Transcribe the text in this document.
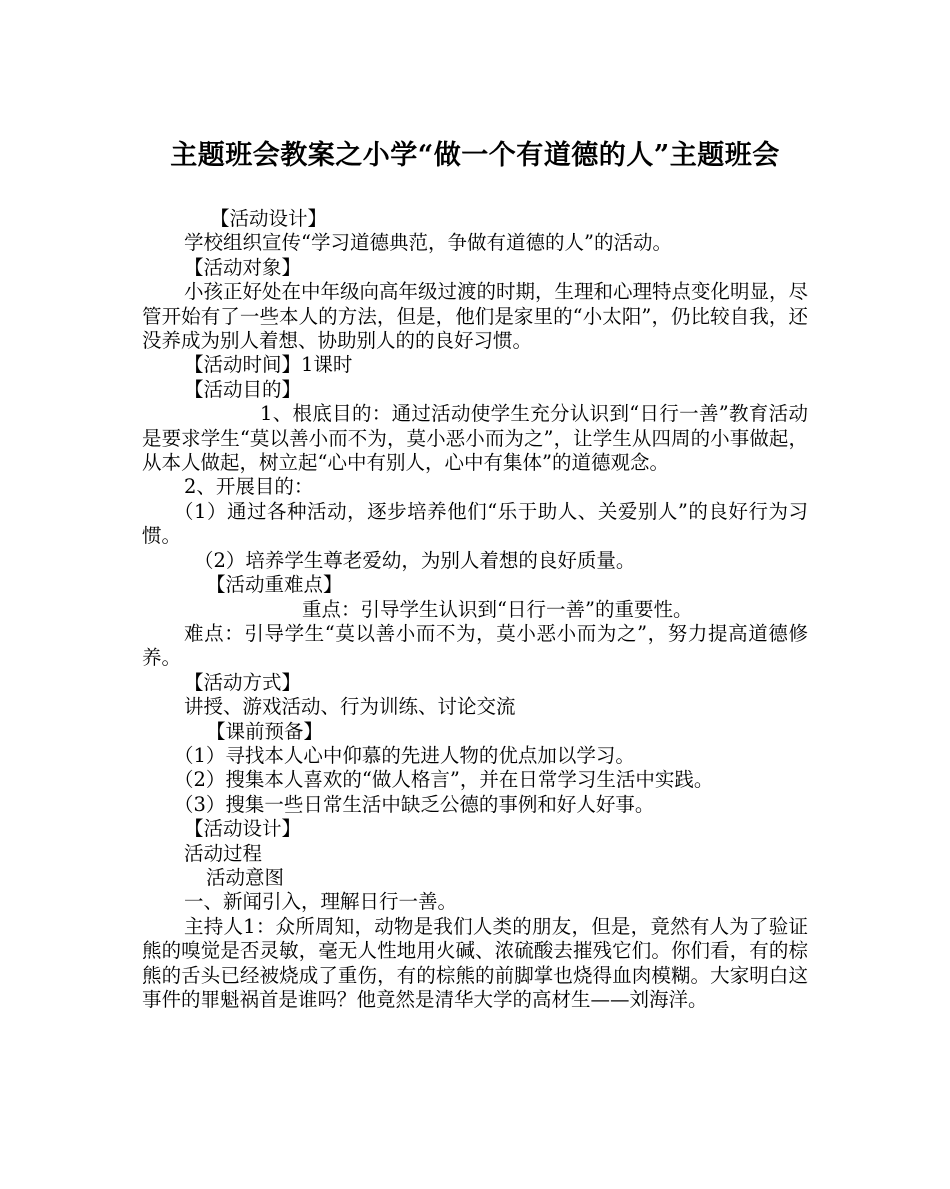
主题班会教案之小学“做一个有道德的人”主题班会

【活动设计】

学校组织宣传“学习道德典范，争做有道德的人”的活动。

【活动对象】

小孩正好处在中年级向高年级过渡的时期，生理和心理特点变化明显，尽管开始有了一些本人的方法，但是，他们是家里的“小太阳”，仍比较自我，还没养成为别人着想、协助别人的的良好习惯。

【活动时间】1课时

【活动目的】

1、根底目的：通过活动使学生充分认识到“日行一善”教育活动是要求学生“莫以善小而不为，莫小恶小而为之”，让学生从四周的小事做起，从本人做起，树立起“心中有别人，心中有集体”的道德观念。

2、开展目的：

（1）通过各种活动，逐步培养他们“乐于助人、关爱别人”的良好行为习惯。

（2）培养学生尊老爱幼，为别人着想的良好质量。

【活动重难点】

重点：引导学生认识到“日行一善”的重要性。

难点：引导学生“莫以善小而不为，莫小恶小而为之”，努力提高道德修养。

【活动方式】

讲授、游戏活动、行为训练、讨论交流

【课前预备】

（1）寻找本人心中仰慕的先进人物的优点加以学习。

（2）搜集本人喜欢的“做人格言”，并在日常学习生活中实践。

（3）搜集一些日常生活中缺乏公德的事例和好人好事。

【活动设计】

活动过程

活动意图

一、新闻引入，理解日行一善。

主持人1：众所周知，动物是我们人类的朋友，但是，竟然有人为了验证熊的嗅觉是否灵敏，毫无人性地用火碱、浓硫酸去摧残它们。你们看，有的棕熊的舌头已经被烧成了重伤，有的棕熊的前脚掌也烧得血肉模糊。大家明白这事件的罪魁祸首是谁吗？他竟然是清华大学的高材生——刘海洋。
